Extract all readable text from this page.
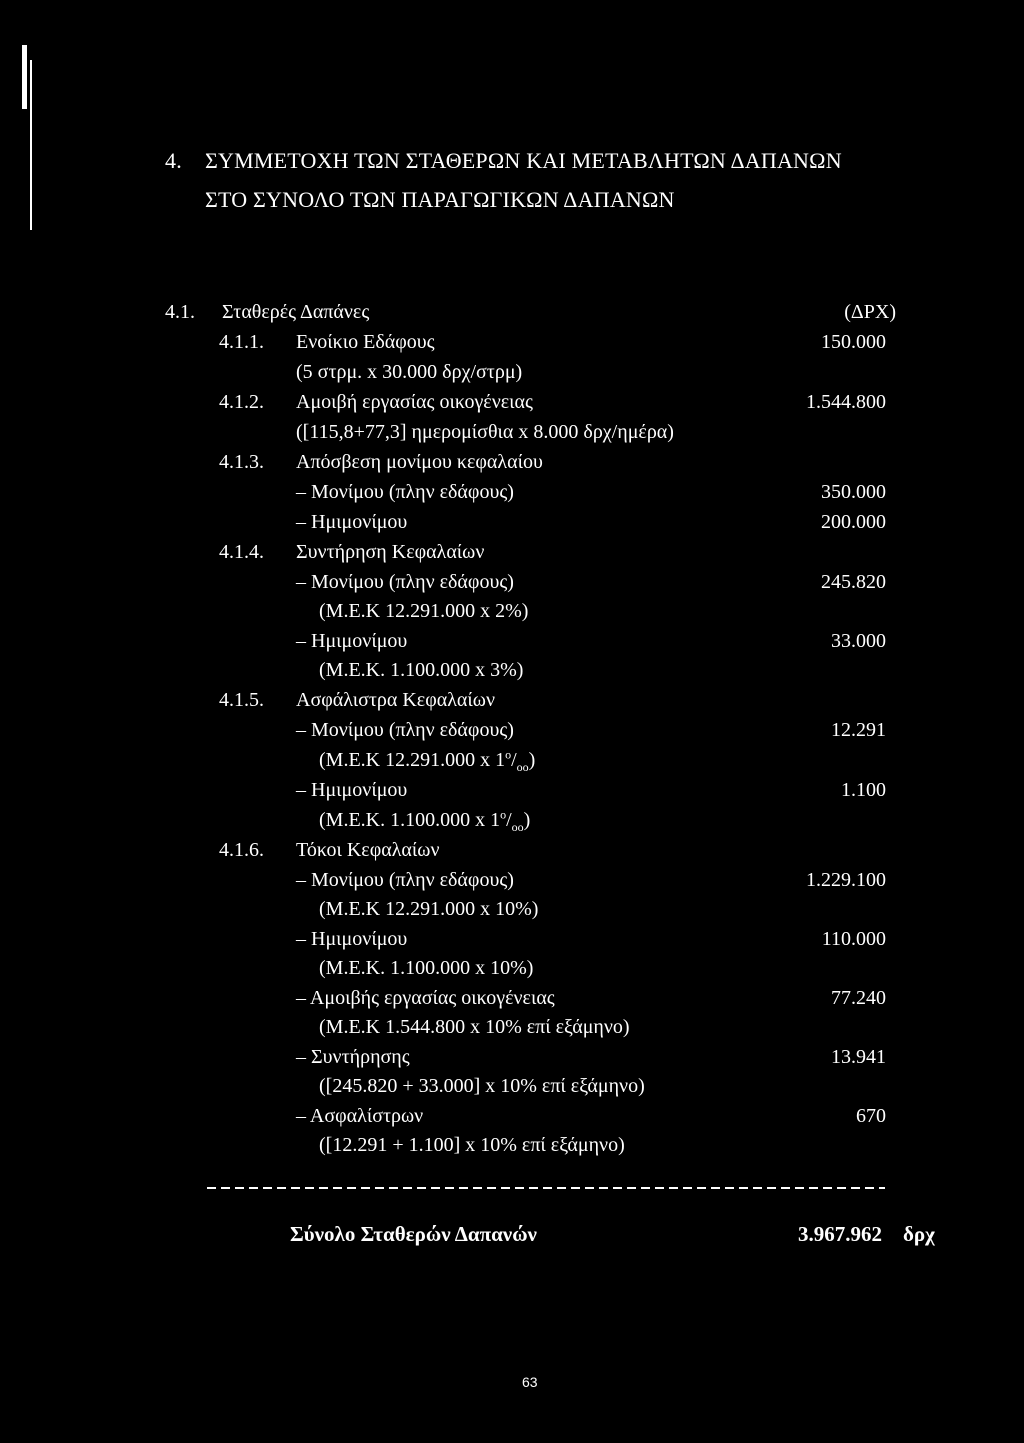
4. ΣΥΜΜΕΤΟΧΗ ΤΩΝ ΣΤΑΘΕΡΩΝ ΚΑΙ ΜΕΤΑΒΛΗΤΩΝ ΔΑΠΑΝΩΝ
ΣΤΟ ΣΥΝΟΛΟ ΤΩΝ ΠΑΡΑΓΩΓΙΚΩΝ ΔΑΠΑΝΩΝ
4.1. Σταθερές Δαπάνες	(ΔΡΧ)
4.1.1. Ενοίκιο Εδάφους	150.000
(5 στρμ. x 30.000 δρχ/στρμ)
4.1.2. Αμοιβή εργασίας οικογένειας	1.544.800
([115,8+77,3] ημερομίσθια x 8.000 δρχ/ημέρα)
4.1.3. Απόσβεση μονίμου κεφαλαίου
– Μονίμου (πλην εδάφους)	350.000
– Ημιμονίμου	200.000
4.1.4. Συντήρηση Κεφαλαίων
– Μονίμου (πλην εδάφους)	245.820
(Μ.Ε.Κ 12.291.000 x 2%)
– Ημιμονίμου	33.000
(Μ.Ε.Κ. 1.100.000 x 3%)
4.1.5. Ασφάλιστρα Κεφαλαίων
– Μονίμου (πλην εδάφους)	12.291
(Μ.Ε.Κ 12.291.000 x $1^o/_{oo}$)
– Ημιμονίμου	1.100
(Μ.Ε.Κ. 1.100.000 x $1^o/_{oo}$)
4.1.6. Τόκοι Κεφαλαίων
– Μονίμου (πλην εδάφους)	1.229.100
(Μ.Ε.Κ 12.291.000 x 10%)
– Ημιμονίμου	110.000
(Μ.Ε.Κ. 1.100.000 x 10%)
– Αμοιβής εργασίας οικογένειας	77.240
(Μ.Ε.Κ 1.544.800 x 10% επί εξάμηνο)
– Συντήρησης	13.941
([245.820 + 33.000] x 10% επί εξάμηνο)
– Ασφαλίστρων	670
([12.291 + 1.100] x 10% επί εξάμηνο)
Σύνολο Σταθερών Δαπανών	3.967.962 δρχ
63
